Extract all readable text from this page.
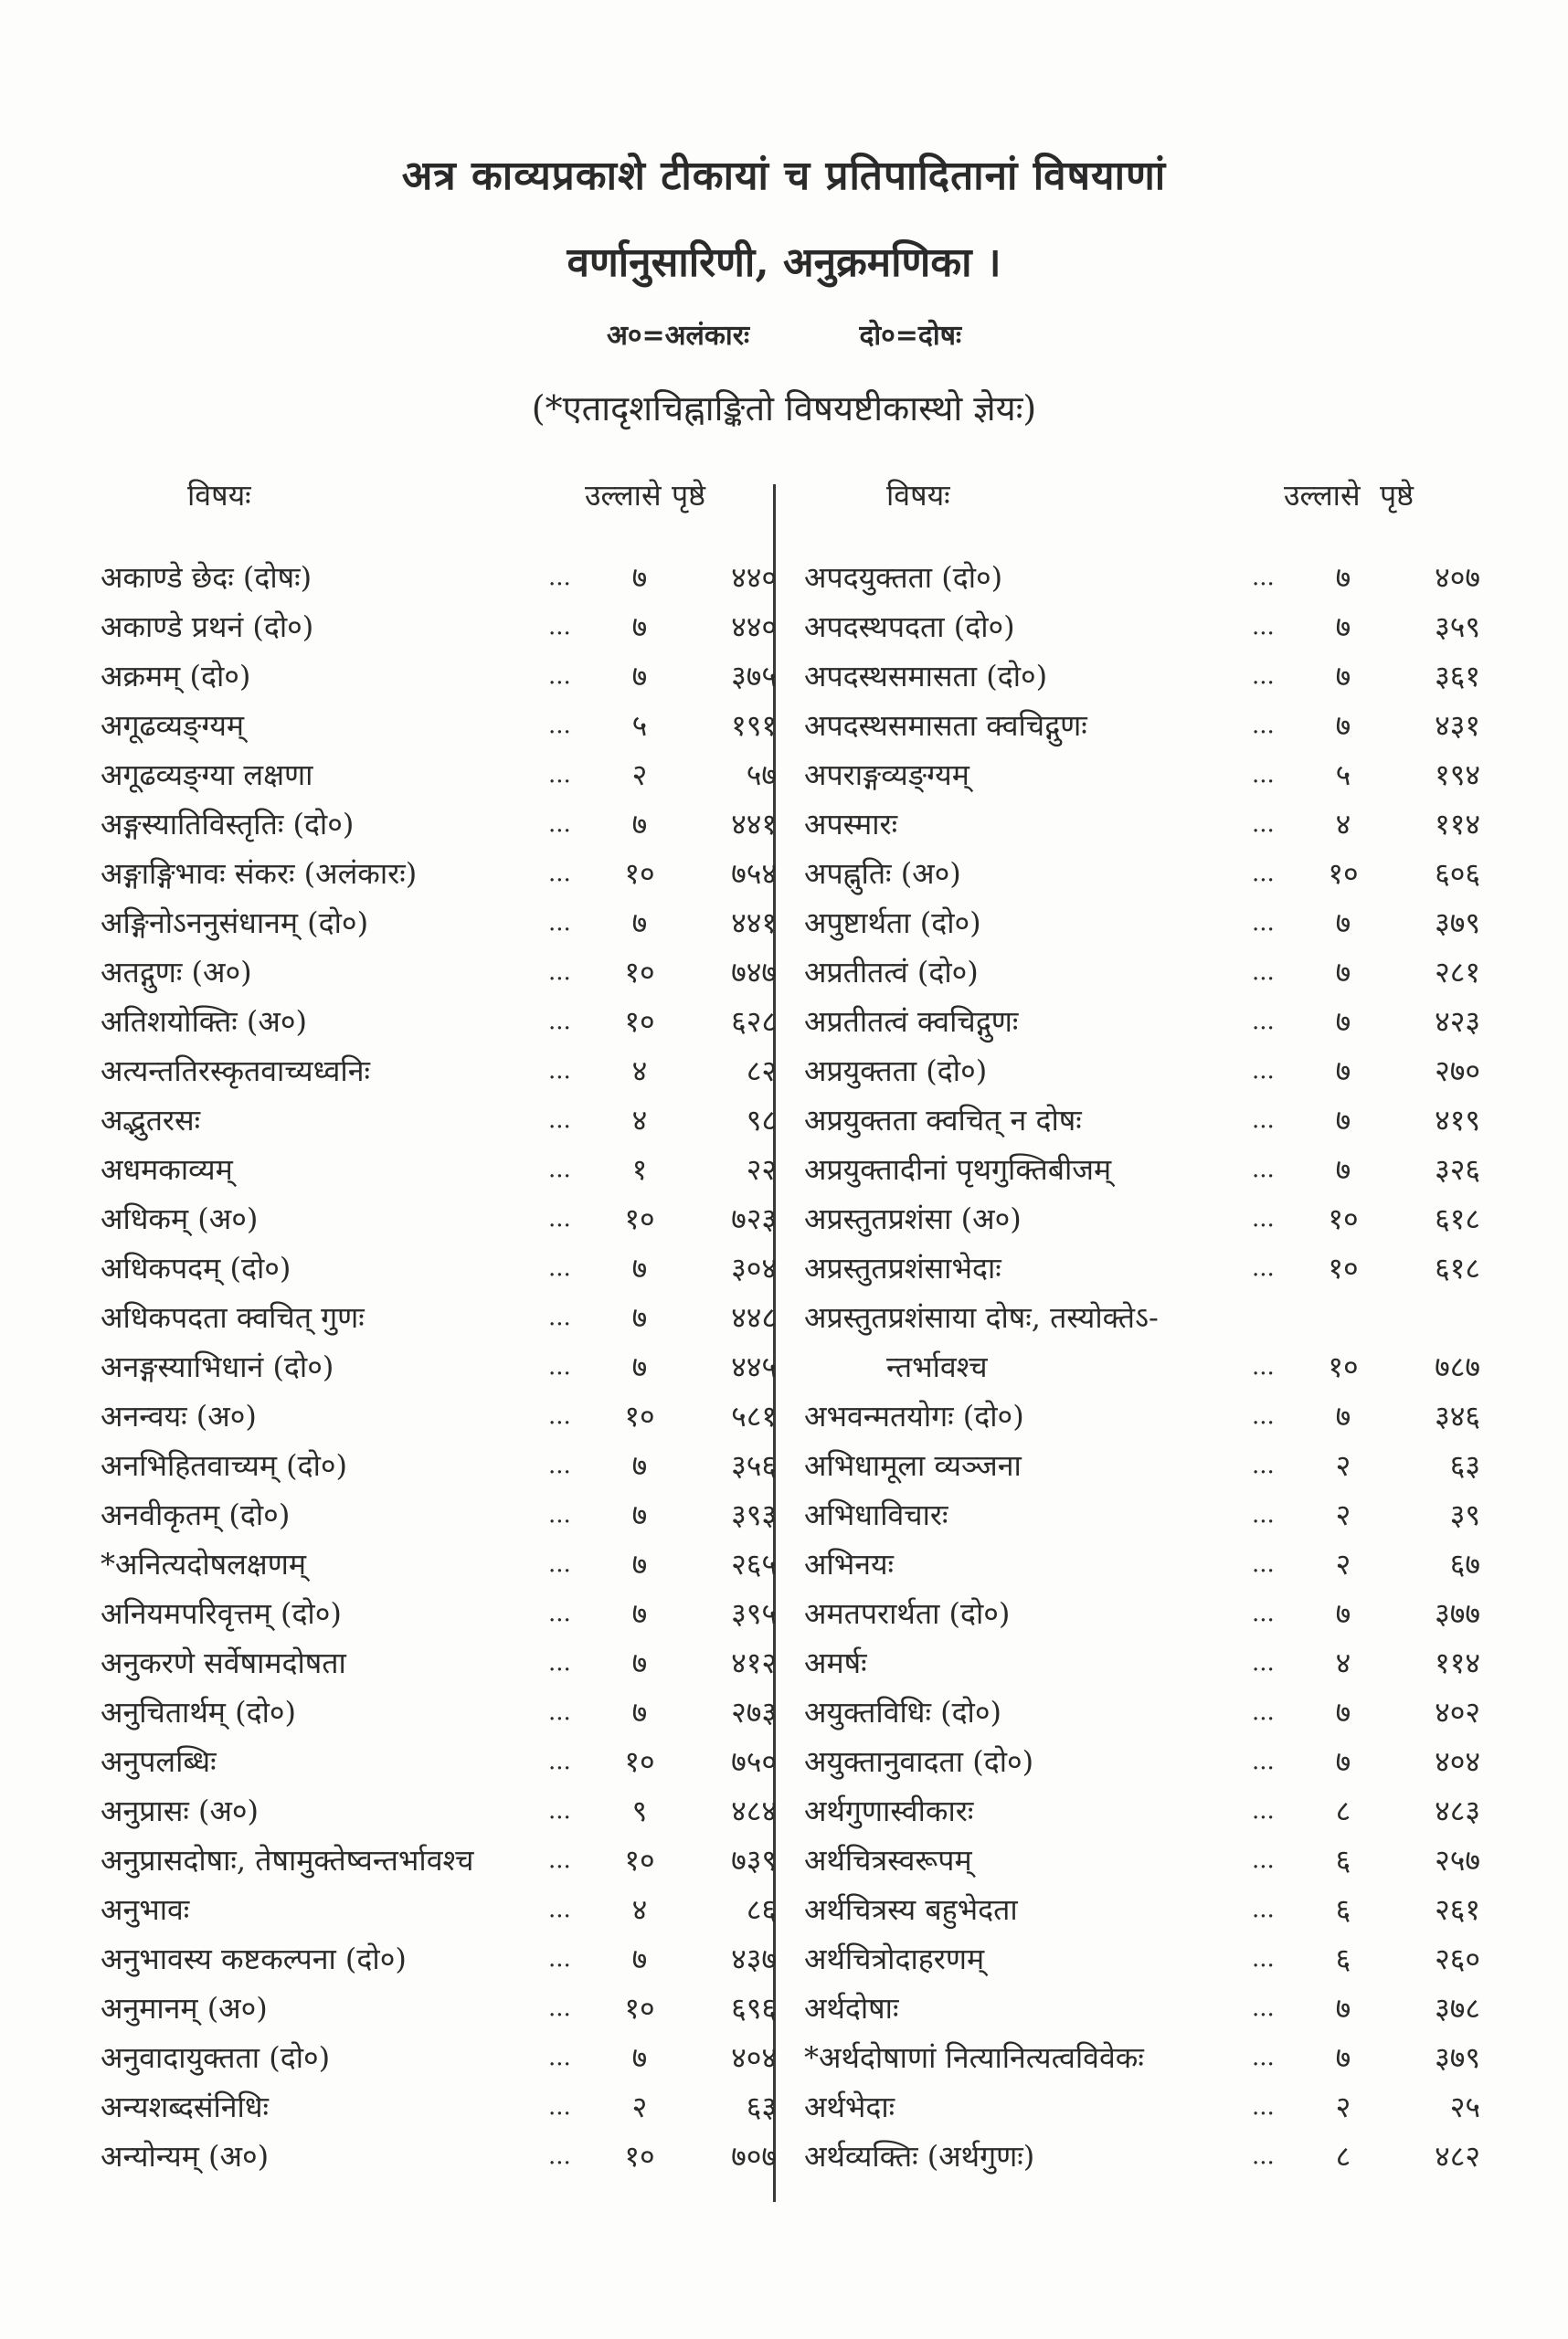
अत्र काव्यप्रकाशे टीकायां च प्रतिपादितानां विषयाणां
वर्णानुसारिणी, अनुक्रमणिका ।
अ०=अलंकारः	दो०=दोषः
(*एतादृशचिह्नाङ्कितो विषयष्टीकास्थो ज्ञेयः)
विषयः	उल्लासे पृष्ठे	विषयः	उल्लासे पृष्ठे
अकाण्डे छेदः (दोषः)	...	७	४४०
अकाण्डे प्रथनं (दो०)	...	७	४४०
अक्रमम् (दो०)	...	७	३७५
अगूढव्यङ्ग्यम्	...	५	१९१
अगूढव्यङ्ग्या लक्षणा	...	२	५७
अङ्गस्यातिविस्तृतिः (दो०)	...	७	४४१
अङ्गाङ्गिभावः संकरः (अलंकारः)	...	१०	७५४
अङ्गिनोऽननुसंधानम् (दो०)	...	७	४४१
अतद्गुणः (अ०)	...	१०	७४७
अतिशयोक्तिः (अ०)	...	१०	६२८
अत्यन्ततिरस्कृतवाच्यध्वनिः	...	४	८२
अद्भुतरसः	...	४	९८
अधमकाव्यम्	...	१	२२
अधिकम् (अ०)	...	१०	७२३
अधिकपदम् (दो०)	...	७	३०४
अधिकपदता क्वचित् गुणः	...	७	४४८
अनङ्गस्याभिधानं (दो०)	...	७	४४५
अनन्वयः (अ०)	...	१०	५८१
अनभिहितवाच्यम् (दो०)	...	७	३५६
अनवीकृतम् (दो०)	...	७	३९३
*अनित्यदोषलक्षणम्	...	७	२६५
अनियमपरिवृत्तम् (दो०)	...	७	३९५
अनुकरणे सर्वेषामदोषता	...	७	४१२
अनुचितार्थम् (दो०)	...	७	२७३
अनुपलब्धिः	...	१०	७५०
अनुप्रासः (अ०)	...	९	४८४
अनुप्रासदोषाः, तेषामुक्तेष्वन्तर्भावश्च	...	१०	७३९
अनुभावः	...	४	८६
अनुभावस्य कष्टकल्पना (दो०)	...	७	४३७
अनुमानम् (अ०)	...	१०	६९६
अनुवादायुक्तता (दो०)	...	७	४०४
अन्यशब्दसंनिधिः	...	२	६३
अन्योन्यम् (अ०)	...	१०	७०७
अपदयुक्तता (दो०)	...	७	४०७
अपदस्थपदता (दो०)	...	७	३५९
अपदस्थसमासता (दो०)	...	७	३६१
अपदस्थसमासता क्वचिद्गुणः	...	७	४३१
अपराङ्गव्यङ्ग्यम्	...	५	१९४
अपस्मारः	...	४	११४
अपह्नुतिः (अ०)	...	१०	६०६
अपुष्टार्थता (दो०)	...	७	३७९
अप्रतीतत्वं (दो०)	...	७	२८१
अप्रतीतत्वं क्वचिद्गुणः	...	७	४२३
अप्रयुक्तता (दो०)	...	७	२७०
अप्रयुक्तता क्वचित् न दोषः	...	७	४१९
अप्रयुक्तादीनां पृथगुक्तिबीजम्	...	७	३२६
अप्रस्तुतप्रशंसा (अ०)	...	१०	६१८
अप्रस्तुतप्रशंसाभेदाः	...	१०	६१८
अप्रस्तुतप्रशंसाया दोषः, तस्योक्तेऽ-
न्तर्भावश्च	...	१०	७८७
अभवन्मतयोगः (दो०)	...	७	३४६
अभिधामूला व्यञ्जना	...	२	६३
अभिधाविचारः	...	२	३९
अभिनयः	...	२	६७
अमतपरार्थता (दो०)	...	७	३७७
अमर्षः	...	४	११४
अयुक्तविधिः (दो०)	...	७	४०२
अयुक्तानुवादता (दो०)	...	७	४०४
अर्थगुणास्वीकारः	...	८	४८३
अर्थचित्रस्वरूपम्	...	६	२५७
अर्थचित्रस्य बहुभेदता	...	६	२६१
अर्थचित्रोदाहरणम्	...	६	२६०
अर्थदोषाः	...	७	३७८
*अर्थदोषाणां नित्यानित्यत्वविवेकः	...	७	३७९
अर्थभेदाः	...	२	२५
अर्थव्यक्तिः (अर्थगुणः)	...	८	४८२
